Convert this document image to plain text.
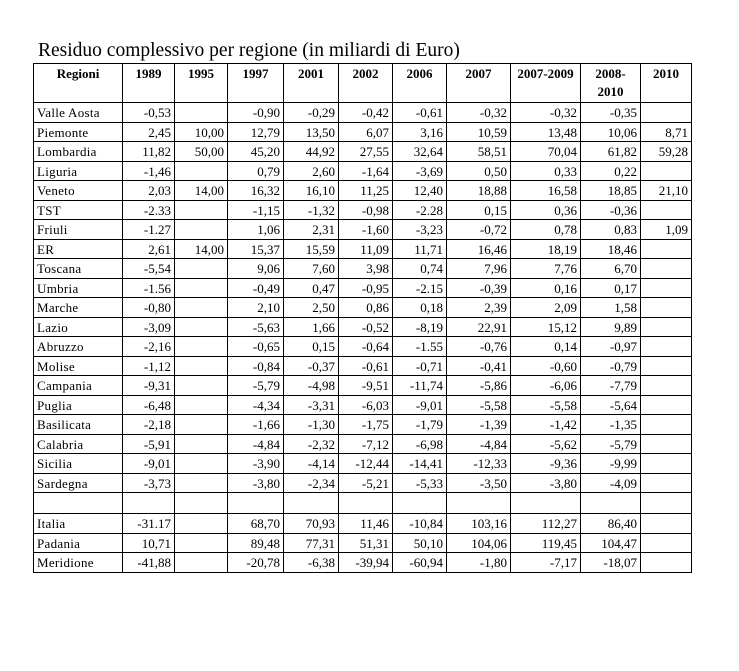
Residuo complessivo per regione (in miliardi di Euro)
Regioni	1989	1995	1997	2001	2002	2006	2007	2007-2009	2008-2010	2010
Valle Aosta	-0,53		-0,90	-0,29	-0,42	-0,61	-0,32	-0,32	-0,35	
Piemonte	2,45	10,00	12,79	13,50	6,07	3,16	10,59	13,48	10,06	8,71
Lombardia	11,82	50,00	45,20	44,92	27,55	32,64	58,51	70,04	61,82	59,28
Liguria	-1,46		0,79	2,60	-1,64	-3,69	0,50	0,33	0,22	
Veneto	2,03	14,00	16,32	16,10	11,25	12,40	18,88	16,58	18,85	21,10
TST	-2.33		-1,15	-1,32	-0,98	-2.28	0,15	0,36	-0,36	
Friuli	-1.27		1,06	2,31	-1,60	-3,23	-0,72	0,78	0,83	1,09
ER	2,61	14,00	15,37	15,59	11,09	11,71	16,46	18,19	18,46	
Toscana	-5,54		9,06	7,60	3,98	0,74	7,96	7,76	6,70	
Umbria	-1.56		-0,49	0,47	-0,95	-2.15	-0,39	0,16	0,17	
Marche	-0,80		2,10	2,50	0,86	0,18	2,39	2,09	1,58	
Lazio	-3,09		-5,63	1,66	-0,52	-8,19	22,91	15,12	9,89	
Abruzzo	-2,16		-0,65	0,15	-0,64	-1.55	-0,76	0,14	-0,97	
Molise	-1,12		-0,84	-0,37	-0,61	-0,71	-0,41	-0,60	-0,79	
Campania	-9,31		-5,79	-4,98	-9,51	-11,74	-5,86	-6,06	-7,79	
Puglia	-6,48		-4,34	-3,31	-6,03	-9,01	-5,58	-5,58	-5,64	
Basilicata	-2,18		-1,66	-1,30	-1,75	-1,79	-1,39	-1,42	-1,35	
Calabria	-5,91		-4,84	-2,32	-7,12	-6,98	-4,84	-5,62	-5,79	
Sicilia	-9,01		-3,90	-4,14	-12,44	-14,41	-12,33	-9,36	-9,99	
Sardegna	-3,73		-3,80	-2,34	-5,21	-5,33	-3,50	-3,80	-4,09	

Italia	-31.17		68,70	70,93	11,46	-10,84	103,16	112,27	86,40	
Padania	10,71		89,48	77,31	51,31	50,10	104,06	119,45	104,47	
Meridione	-41,88		-20,78	-6,38	-39,94	-60,94	-1,80	-7,17	-18,07	
